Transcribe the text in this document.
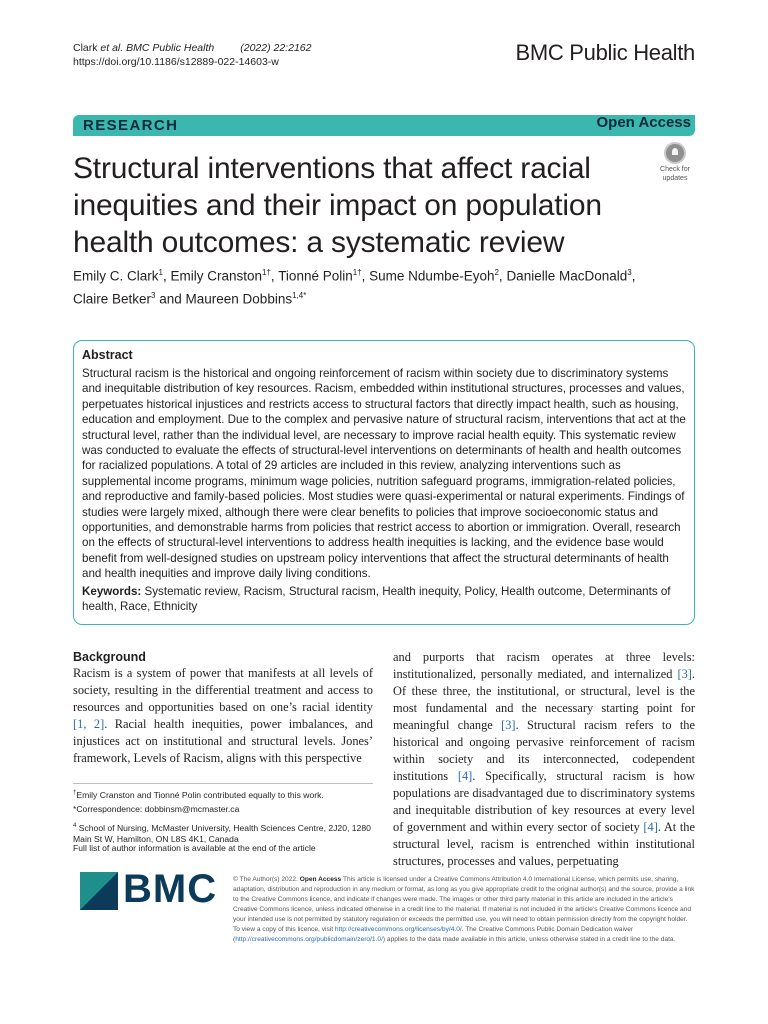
Clark et al. BMC Public Health (2022) 22:2162
https://doi.org/10.1186/s12889-022-14603-w	BMC Public Health
RESEARCH	Open Access
Structural interventions that affect racial inequities and their impact on population health outcomes: a systematic review
Check for
updates
Emily C. Clark$^1$, Emily Cranston$^{1\dagger}$, Tionné Polin$^{1\dagger}$, Sume Ndumbe-Eyoh$^2$, Danielle MacDonald$^3$, Claire Betker$^3$ and Maureen Dobbins$^{1,4*}$
Abstract
Structural racism is the historical and ongoing reinforcement of racism within society due to discriminatory systems and inequitable distribution of key resources. Racism, embedded within institutional structures, processes and values, perpetuates historical injustices and restricts access to structural factors that directly impact health, such as housing, education and employment. Due to the complex and pervasive nature of structural racism, interventions that act at the structural level, rather than the individual level, are necessary to improve racial health equity. This systematic review was conducted to evaluate the effects of structural-level interventions on determinants of health and health outcomes for racialized populations. A total of 29 articles are included in this review, analyzing interventions such as supplemental income programs, minimum wage policies, nutrition safeguard programs, immigration-related policies, and reproductive and family-based policies. Most studies were quasi-experimental or natural experiments. Findings of studies were largely mixed, although there were clear benefits to policies that improve socioeconomic status and opportunities, and demonstrable harms from policies that restrict access to abortion or immigration. Overall, research on the effects of structural-level interventions to address health inequities is lacking, and the evidence base would benefit from well-designed studies on upstream policy interventions that affect the structural determinants of health and health inequities and improve daily living conditions.
Keywords: Systematic review, Racism, Structural racism, Health inequity, Policy, Health outcome, Determinants of health, Race, Ethnicity
Background
Racism is a system of power that manifests at all levels of society, resulting in the differential treatment and access to resources and opportunities based on one’s racial identity [1, 2]. Racial health inequities, power imbalances, and injustices act on institutional and structural levels. Jones’ framework, Levels of Racism, aligns with this perspective
†Emily Cranston and Tionné Polin contributed equally to this work.
*Correspondence: dobbinsm@mcmaster.ca
$^4$ School of Nursing, McMaster University, Health Sciences Centre, 2J20, 1280 Main St W, Hamilton, ON L8S 4K1, Canada
Full list of author information is available at the end of the article
and purports that racism operates at three levels: institutionalized, personally mediated, and internalized [3]. Of these three, the institutional, or structural, level is the most fundamental and the necessary starting point for meaningful change [3]. Structural racism refers to the historical and ongoing pervasive reinforcement of racism within society and its interconnected, codependent institutions [4]. Specifically, structural racism is how populations are disadvantaged due to discriminatory systems and inequitable distribution of key resources at every level of government and within every sector of society [4]. At the structural level, racism is entrenched within institutional structures, processes and values, perpetuating
BMC © The Author(s) 2022. Open Access This article is licensed under a Creative Commons Attribution 4.0 International License, which permits use, sharing, adaptation, distribution and reproduction in any medium or format, as long as you give appropriate credit to the original author(s) and the source, provide a link to the Creative Commons licence, and indicate if changes were made. The images or other third party material in this article are included in the article’s Creative Commons licence, unless indicated otherwise in a credit line to the material. If material is not included in the article’s Creative Commons licence and your intended use is not permitted by statutory regulation or exceeds the permitted use, you will need to obtain permission directly from the copyright holder. To view a copy of this licence, visit http://creativecommons.org/licenses/by/4.0/. The Creative Commons Public Domain Dedication waiver (http://creativecommons.org/publicdomain/zero/1.0/) applies to the data made available in this article, unless otherwise stated in a credit line to the data.
